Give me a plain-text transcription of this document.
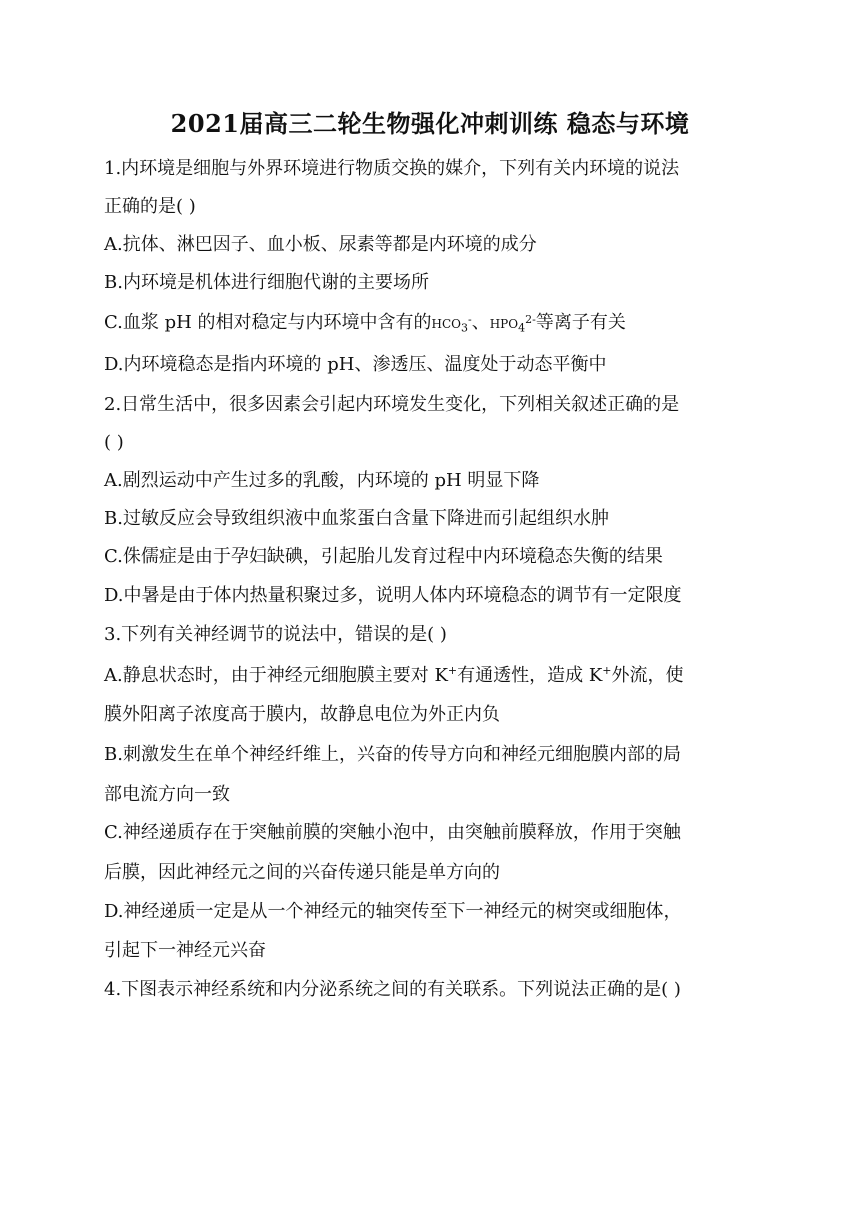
2021届高三二轮生物强化冲刺训练 稳态与环境
1.内环境是细胞与外界环境进行物质交换的媒介，下列有关内环境的说法
正确的是( )
A.抗体、淋巴因子、血小板、尿素等都是内环境的成分
B.内环境是机体进行细胞代谢的主要场所
C.血浆 pH 的相对稳定与内环境中含有的$HCO_3^-$、$HPO_4^{2-}$等离子有关
D.内环境稳态是指内环境的 pH、渗透压、温度处于动态平衡中
2.日常生活中，很多因素会引起内环境发生变化，下列相关叙述正确的是
( )
A.剧烈运动中产生过多的乳酸，内环境的 pH 明显下降
B.过敏反应会导致组织液中血浆蛋白含量下降进而引起组织水肿
C.侏儒症是由于孕妇缺碘，引起胎儿发育过程中内环境稳态失衡的结果
D.中暑是由于体内热量积聚过多，说明人体内环境稳态的调节有一定限度
3.下列有关神经调节的说法中，错误的是( )
A.静息状态时，由于神经元细胞膜主要对 K+有通透性，造成 K+外流，使
膜外阳离子浓度高于膜内，故静息电位为外正内负
B.刺激发生在单个神经纤维上，兴奋的传导方向和神经元细胞膜内部的局
部电流方向一致
C.神经递质存在于突触前膜的突触小泡中，由突触前膜释放，作用于突触
后膜，因此神经元之间的兴奋传递只能是单方向的
D.神经递质一定是从一个神经元的轴突传至下一神经元的树突或细胞体，
引起下一神经元兴奋
4.下图表示神经系统和内分泌系统之间的有关联系。下列说法正确的是( )
